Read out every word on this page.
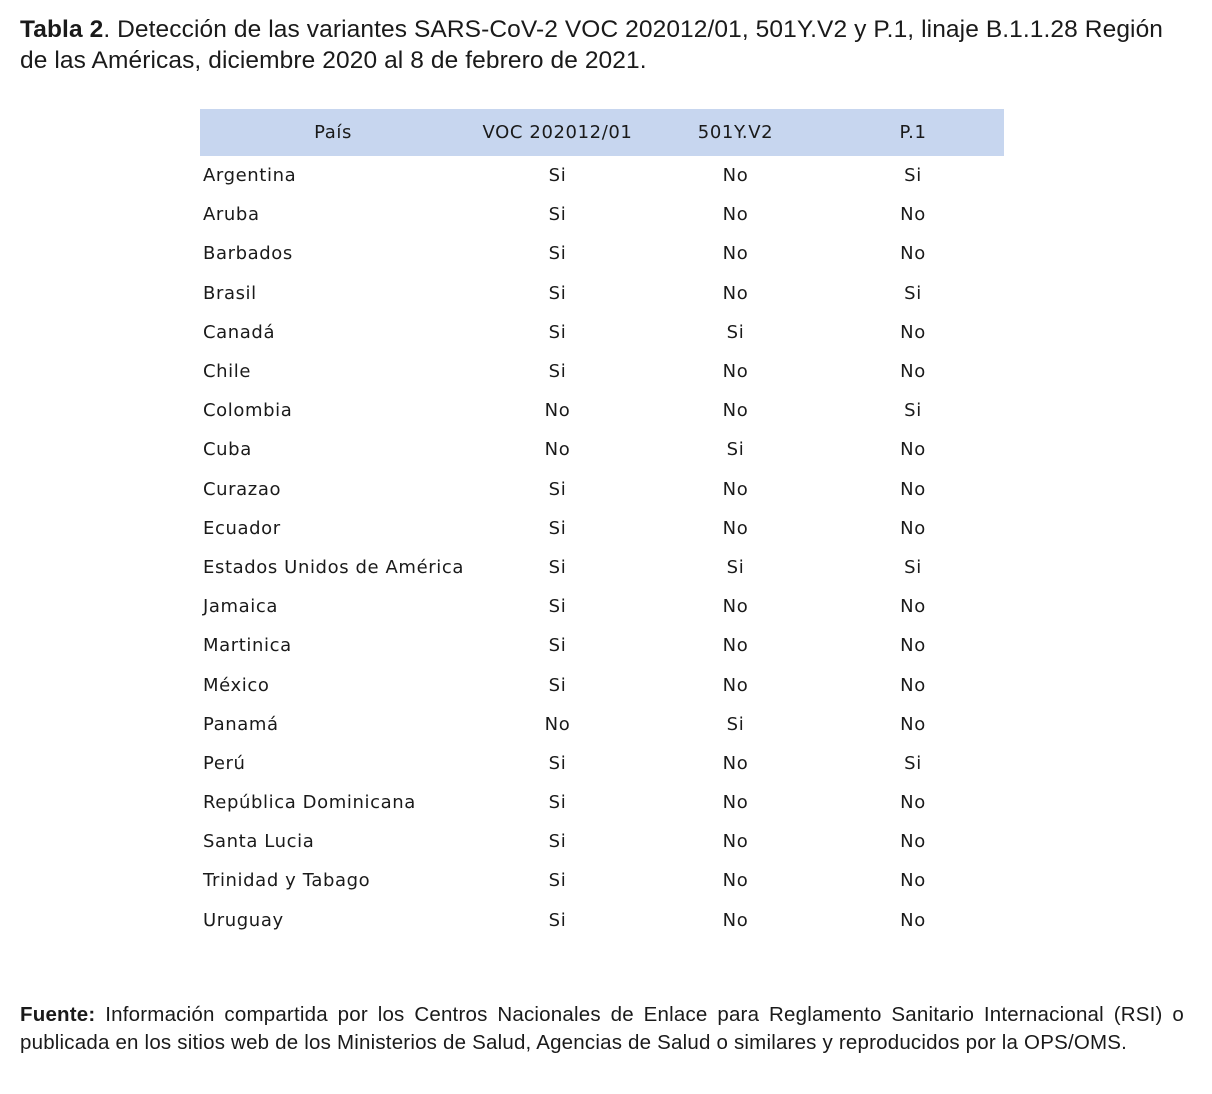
Tabla 2. Detección de las variantes SARS-CoV-2 VOC 202012/01, 501Y.V2 y P.1, linaje B.1.1.28 Región de las Américas, diciembre 2020 al 8 de febrero de 2021.
País	VOC 202012/01	501Y.V2	P.1
Argentina	Si	No	Si
Aruba	Si	No	No
Barbados	Si	No	No
Brasil	Si	No	Si
Canadá	Si	Si	No
Chile	Si	No	No
Colombia	No	No	Si
Cuba	No	Si	No
Curazao	Si	No	No
Ecuador	Si	No	No
Estados Unidos de América	Si	Si	Si
Jamaica	Si	No	No
Martinica	Si	No	No
México	Si	No	No
Panamá	No	Si	No
Perú	Si	No	Si
República Dominicana	Si	No	No
Santa Lucia	Si	No	No
Trinidad y Tabago	Si	No	No
Uruguay	Si	No	No
Fuente: Información compartida por los Centros Nacionales de Enlace para Reglamento Sanitario Internacional (RSI) o publicada en los sitios web de los Ministerios de Salud, Agencias de Salud o similares y reproducidos por la OPS/OMS.
